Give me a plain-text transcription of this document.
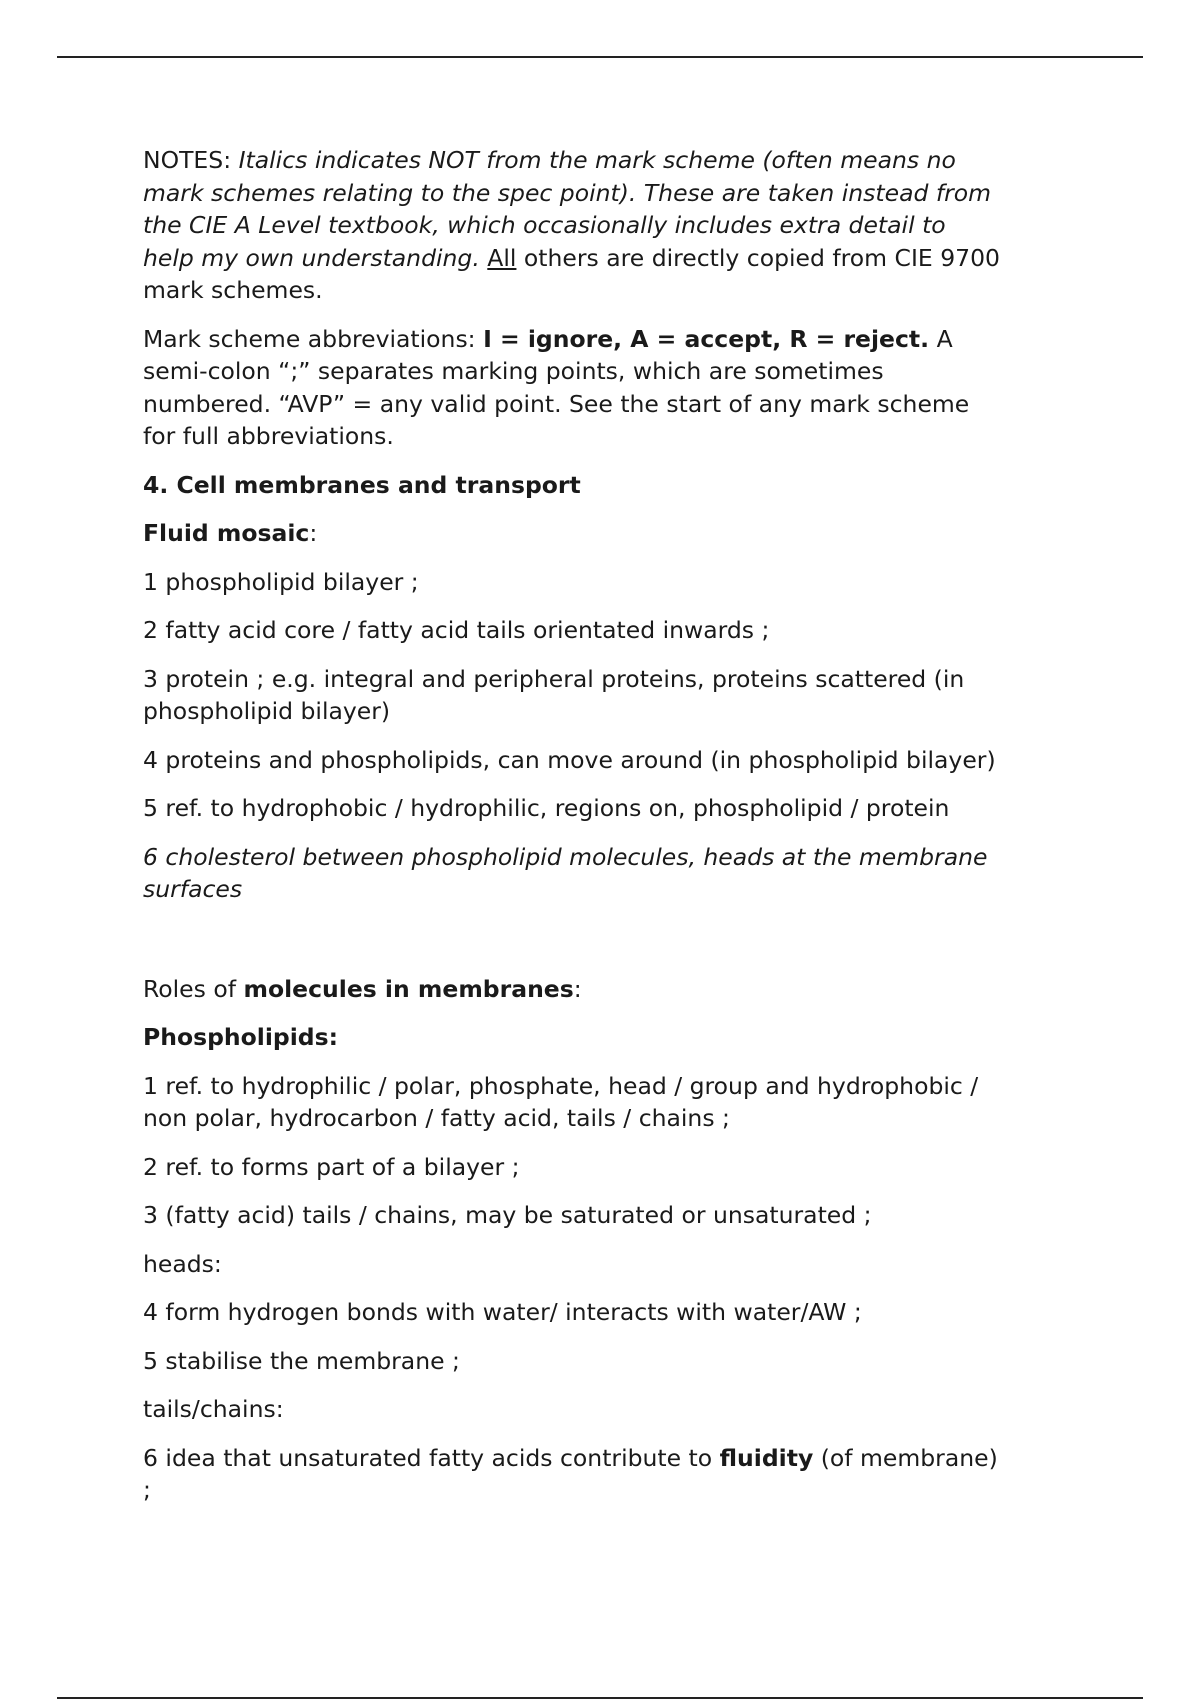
NOTES: Italics indicates NOT from the mark scheme (often means no mark schemes relating to the spec point). These are taken instead from the CIE A Level textbook, which occasionally includes extra detail to help my own understanding. All others are directly copied from CIE 9700 mark schemes.

Mark scheme abbreviations: I = ignore, A = accept, R = reject. A semi-colon “;” separates marking points, which are sometimes numbered. “AVP” = any valid point. See the start of any mark scheme for full abbreviations.

4. Cell membranes and transport

Fluid mosaic:

1 phospholipid bilayer ;

2 fatty acid core / fatty acid tails orientated inwards ;

3 protein ; e.g. integral and peripheral proteins, proteins scattered (in phospholipid bilayer)

4 proteins and phospholipids, can move around (in phospholipid bilayer)

5 ref. to hydrophobic / hydrophilic, regions on, phospholipid / protein

6 cholesterol between phospholipid molecules, heads at the membrane surfaces

Roles of molecules in membranes:

Phospholipids:

1 ref. to hydrophilic / polar, phosphate, head / group and hydrophobic / non polar, hydrocarbon / fatty acid, tails / chains ;

2 ref. to forms part of a bilayer ;

3 (fatty acid) tails / chains, may be saturated or unsaturated ;

heads:

4 form hydrogen bonds with water/ interacts with water/AW ;

5 stabilise the membrane ;

tails/chains:

6 idea that unsaturated fatty acids contribute to fluidity (of membrane) ;
